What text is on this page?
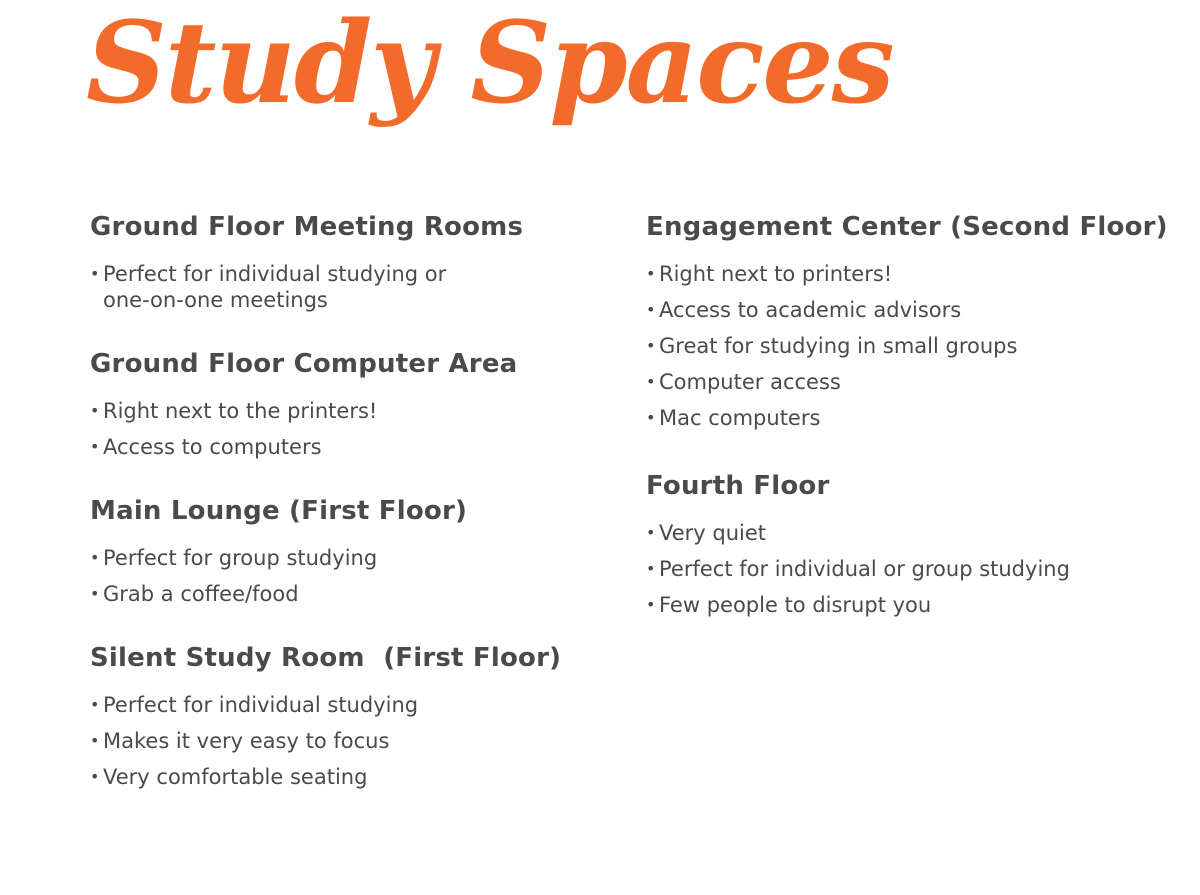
Study Spaces
Ground Floor Meeting Rooms
• Perfect for individual studying or one-on-one meetings
Ground Floor Computer Area
• Right next to the printers!
• Access to computers
Main Lounge (First Floor)
• Perfect for group studying
• Grab a coffee/food
Silent Study Room  (First Floor)
• Perfect for individual studying
• Makes it very easy to focus
• Very comfortable seating
Engagement Center (Second Floor)
• Right next to printers!
• Access to academic advisors
• Great for studying in small groups
• Computer access
• Mac computers
Fourth Floor
• Very quiet
• Perfect for individual or group studying
• Few people to disrupt you
